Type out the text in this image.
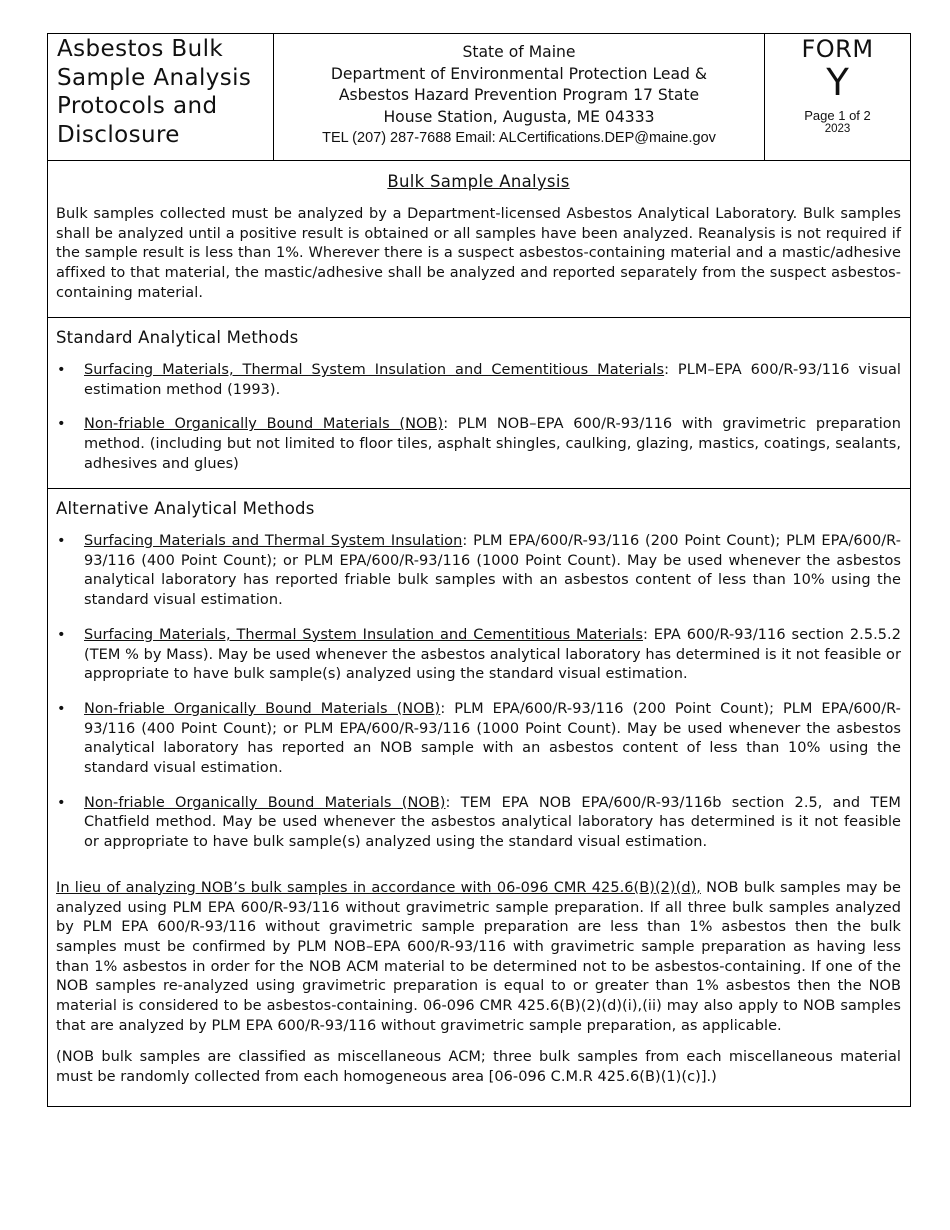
Asbestos Bulk
Sample Analysis
Protocols and
Disclosure
State of Maine
Department of Environmental Protection Lead &
Asbestos Hazard Prevention Program 17 State
House Station, Augusta, ME 04333
TEL (207) 287-7688 Email: ALCertifications.DEP@maine.gov
FORM
Y
Page 1 of 2
2023
Bulk Sample Analysis

Bulk samples collected must be analyzed by a Department-licensed Asbestos Analytical Laboratory. Bulk samples shall be analyzed until a positive result is obtained or all samples have been analyzed. Reanalysis is not required if the sample result is less than 1%. Wherever there is a suspect asbestos-containing material and a mastic/adhesive affixed to that material, the mastic/adhesive shall be analyzed and reported separately from the suspect asbestos-containing material.

Standard Analytical Methods
• Surfacing Materials, Thermal System Insulation and Cementitious Materials: PLM–EPA 600/R-93/116 visual estimation method (1993).
• Non-friable Organically Bound Materials (NOB): PLM NOB–EPA 600/R-93/116 with gravimetric preparation method. (including but not limited to floor tiles, asphalt shingles, caulking, glazing, mastics, coatings, sealants, adhesives and glues)
Alternative Analytical Methods
• Surfacing Materials and Thermal System Insulation: PLM EPA/600/R-93/116 (200 Point Count); PLM EPA/600/R-93/116 (400 Point Count); or PLM EPA/600/R-93/116 (1000 Point Count). May be used whenever the asbestos analytical laboratory has reported friable bulk samples with an asbestos content of less than 10% using the standard visual estimation.
• Surfacing Materials, Thermal System Insulation and Cementitious Materials: EPA 600/R-93/116 section 2.5.5.2 (TEM % by Mass). May be used whenever the asbestos analytical laboratory has determined is it not feasible or appropriate to have bulk sample(s) analyzed using the standard visual estimation.
• Non-friable Organically Bound Materials (NOB): PLM EPA/600/R-93/116 (200 Point Count); PLM EPA/600/R-93/116 (400 Point Count); or PLM EPA/600/R-93/116 (1000 Point Count). May be used whenever the asbestos analytical laboratory has reported an NOB sample with an asbestos content of less than 10% using the standard visual estimation.
• Non-friable Organically Bound Materials (NOB): TEM EPA NOB EPA/600/R-93/116b section 2.5, and TEM Chatfield method. May be used whenever the asbestos analytical laboratory has determined is it not feasible or appropriate to have bulk sample(s) analyzed using the standard visual estimation.

In lieu of analyzing NOB’s bulk samples in accordance with 06-096 CMR 425.6(B)(2)(d), NOB bulk samples may be analyzed using PLM EPA 600/R-93/116 without gravimetric sample preparation. If all three bulk samples analyzed by PLM EPA 600/R-93/116 without gravimetric sample preparation are less than 1% asbestos then the bulk samples must be confirmed by PLM NOB–EPA 600/R-93/116 with gravimetric sample preparation as having less than 1% asbestos in order for the NOB ACM material to be determined not to be asbestos-containing. If one of the NOB samples re-analyzed using gravimetric preparation is equal to or greater than 1% asbestos then the NOB material is considered to be asbestos-containing. 06-096 CMR 425.6(B)(2)(d)(i),(ii) may also apply to NOB samples that are analyzed by PLM EPA 600/R-93/116 without gravimetric sample preparation, as applicable.

(NOB bulk samples are classified as miscellaneous ACM; three bulk samples from each miscellaneous material must be randomly collected from each homogeneous area [06-096 C.M.R 425.6(B)(1)(c)].)
